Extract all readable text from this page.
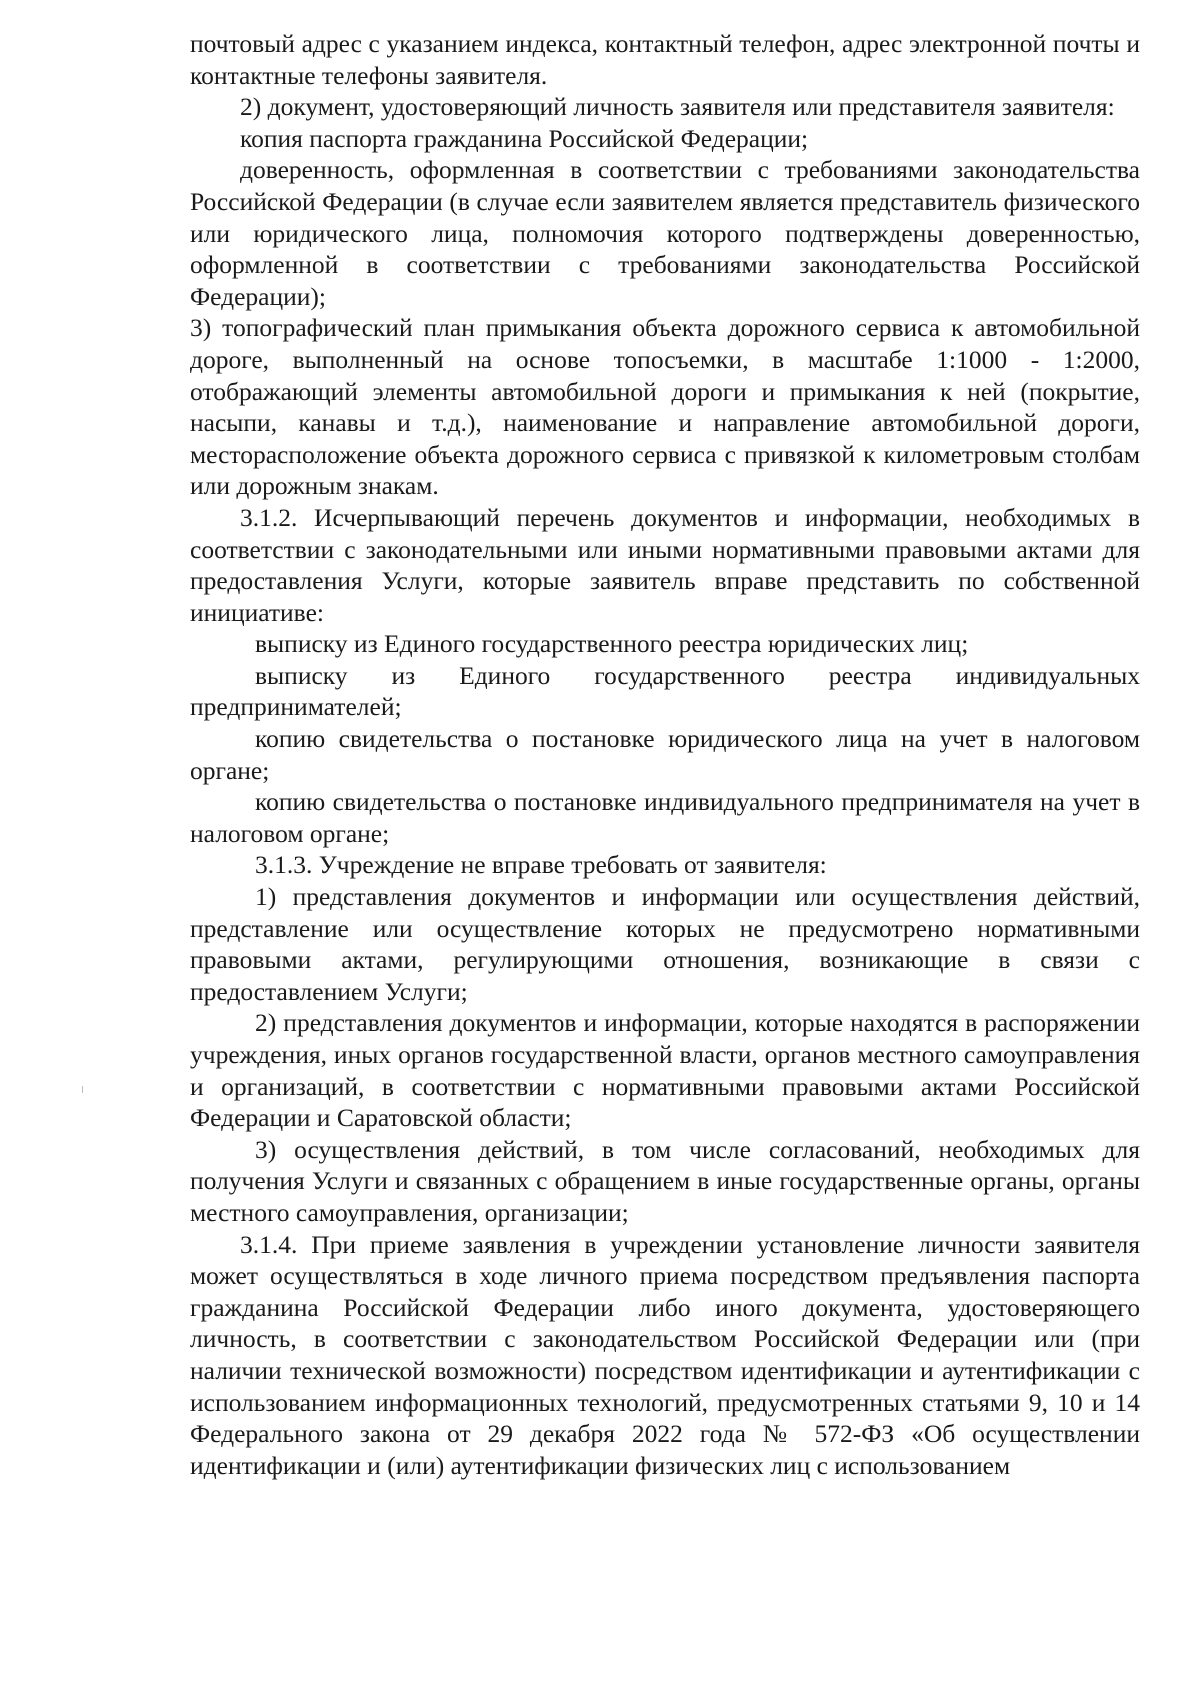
почтовый адрес с указанием индекса, контактный телефон, адрес электронной почты и контактные телефоны заявителя.

2) документ, удостоверяющий личность заявителя или представителя заявителя:

копия паспорта гражданина Российской Федерации;

доверенность, оформленная в соответствии с требованиями законодательства Российской Федерации (в случае если заявителем является представитель физического или юридического лица, полномочия которого подтверждены доверенностью, оформленной в соответствии с требованиями законодательства Российской Федерации);

3) топографический план примыкания объекта дорожного сервиса к автомобильной дороге, выполненный на основе топосъемки, в масштабе 1:1000 - 1:2000, отображающий элементы автомобильной дороги и примыкания к ней (покрытие, насыпи, канавы и т.д.), наименование и направление автомобильной дороги, месторасположение объекта дорожного сервиса с привязкой к километровым столбам или дорожным знакам.

3.1.2. Исчерпывающий перечень документов и информации, необходимых в соответствии с законодательными или иными нормативными правовыми актами для предоставления Услуги, которые заявитель вправе представить по собственной инициативе:

выписку из Единого государственного реестра юридических лиц;

выписку из Единого государственного реестра индивидуальных предпринимателей;

копию свидетельства о постановке юридического лица на учет в налоговом органе;

копию свидетельства о постановке индивидуального предпринимателя на учет в налоговом органе;

3.1.3. Учреждение не вправе требовать от заявителя:

1) представления документов и информации или осуществления действий, представление или осуществление которых не предусмотрено нормативными правовыми актами, регулирующими отношения, возникающие в связи с предоставлением Услуги;

2) представления документов и информации, которые находятся в распоряжении учреждения, иных органов государственной власти, органов местного самоуправления и организаций, в соответствии с нормативными правовыми актами Российской Федерации и Саратовской области;

3) осуществления действий, в том числе согласований, необходимых для получения Услуги и связанных с обращением в иные государственные органы, органы местного самоуправления, организации;

3.1.4. При приеме заявления в учреждении установление личности заявителя может осуществляться в ходе личного приема посредством предъявления паспорта гражданина Российской Федерации либо иного документа, удостоверяющего личность, в соответствии с законодательством Российской Федерации или (при наличии технической возможности) посредством идентификации и аутентификации с использованием информационных технологий, предусмотренных статьями 9, 10 и 14 Федерального закона от 29 декабря 2022 года № 572-ФЗ «Об осуществлении идентификации и (или) аутентификации физических лиц с использованием
